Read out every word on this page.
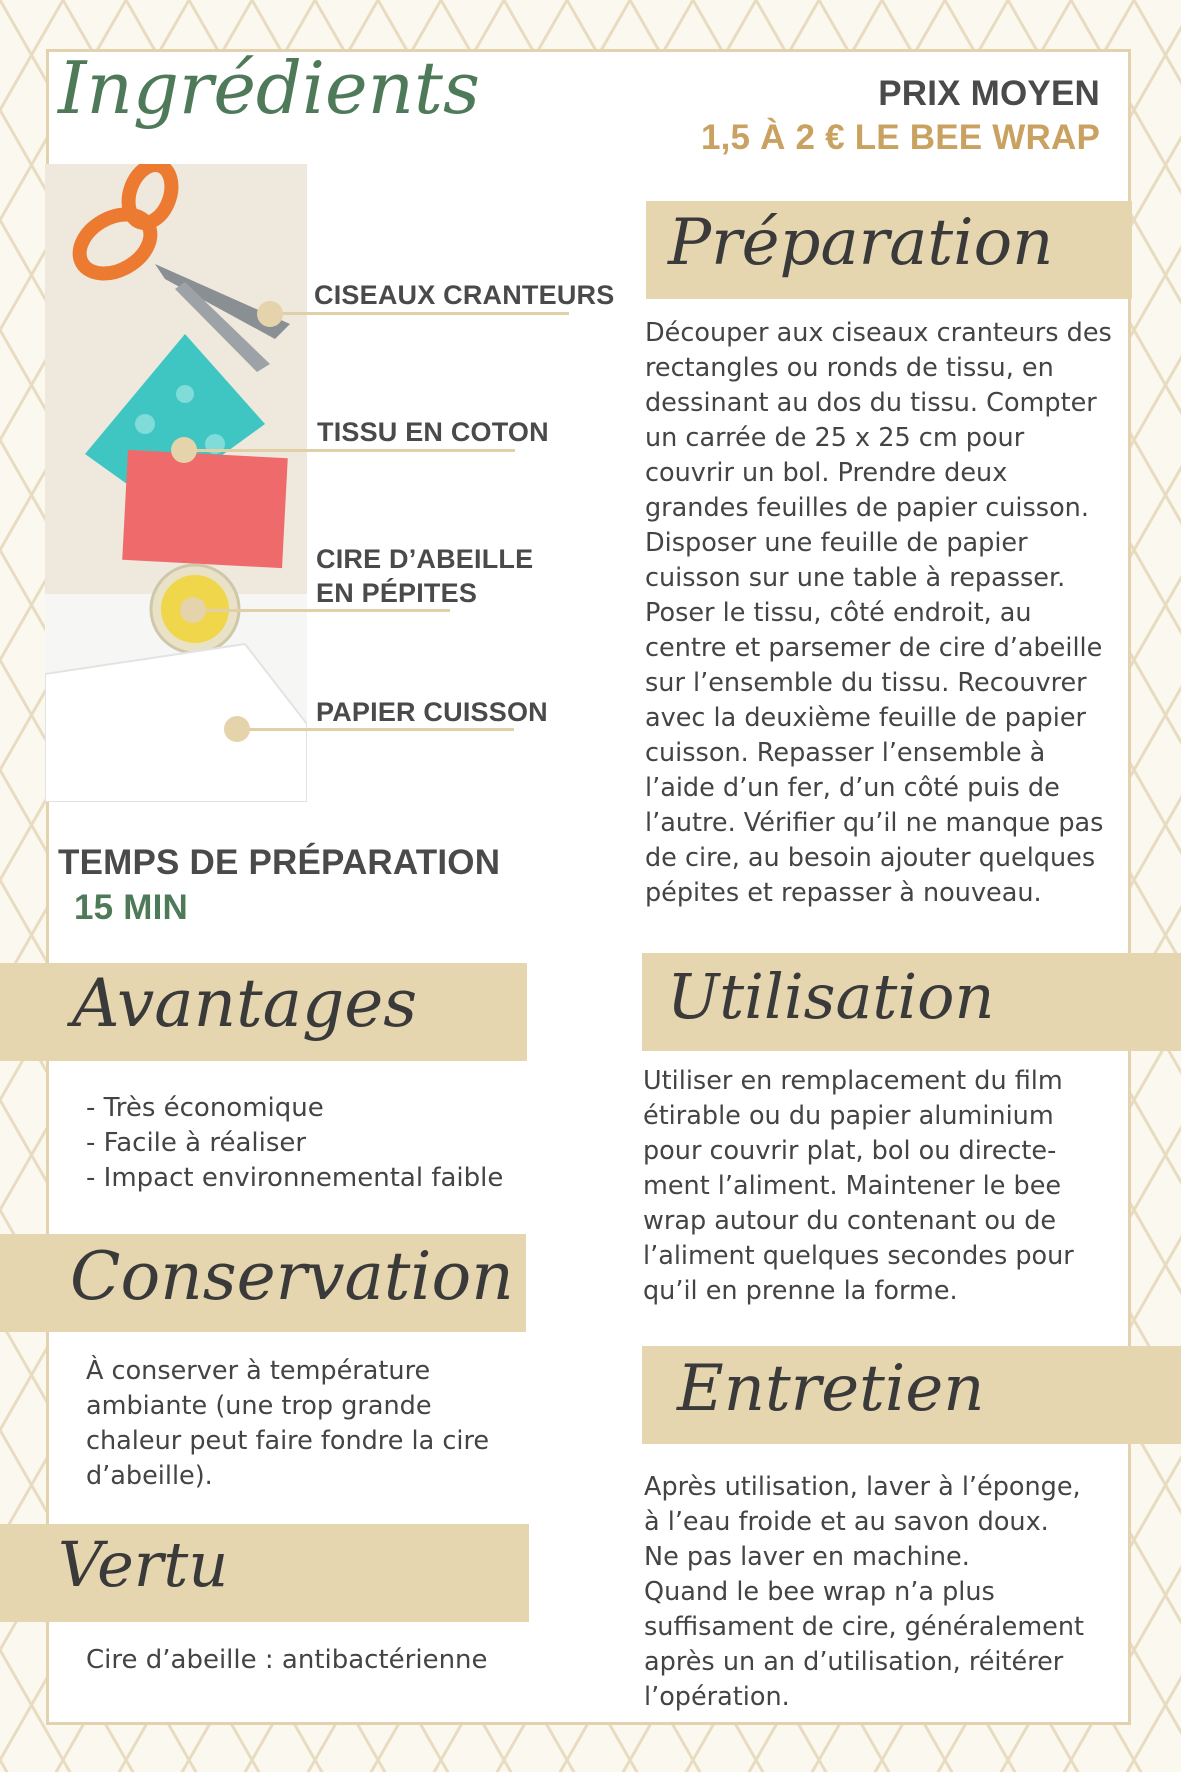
Ingrédients	PRIX MOYEN
1,5 À 2 € LE BEE WRAP
CISEAUX CRANTEURS
TISSU EN COTON
CIRE D’ABEILLE
EN PÉPITES
PAPIER CUISSON
TEMPS DE PRÉPARATION
15 MIN
Préparation

Découper aux ciseaux cranteurs des rectangles ou ronds de tissu, en dessinant au dos du tissu. Compter un carrée de 25 x 25 cm pour couvrir un bol. Prendre deux grandes feuilles de papier cuisson. Disposer une feuille de papier cuisson sur une table à repasser. Poser le tissu, côté endroit, au centre et parsemer de cire d’abeille sur l’ensemble du tissu. Recouvrer avec la deuxième feuille de papier cuisson. Repasser l’ensemble à l’aide d’un fer, d’un côté puis de l’autre. Vérifier qu’il ne manque pas de cire, au besoin ajouter quelques pépites et repasser à nouveau.

Avantages
- Très économique
- Facile à réaliser
- Impact environnemental faible
Utilisation

Utiliser en remplacement du film étirable ou du papier aluminium pour couvrir plat, bol ou directe-ment l’aliment. Maintener le bee wrap autour du contenant ou de l’aliment quelques secondes pour qu’il en prenne la forme.

Conservation

À conserver à température ambiante (une trop grande chaleur peut faire fondre la cire d’abeille).

Entretien

Après utilisation, laver à l’éponge, à l’eau froide et au savon doux.

Ne pas laver en machine.

Quand le bee wrap n’a plus suffisament de cire, généralement après un an d’utilisation, réitérer l’opération.

Vertu

Cire d’abeille : antibactérienne
